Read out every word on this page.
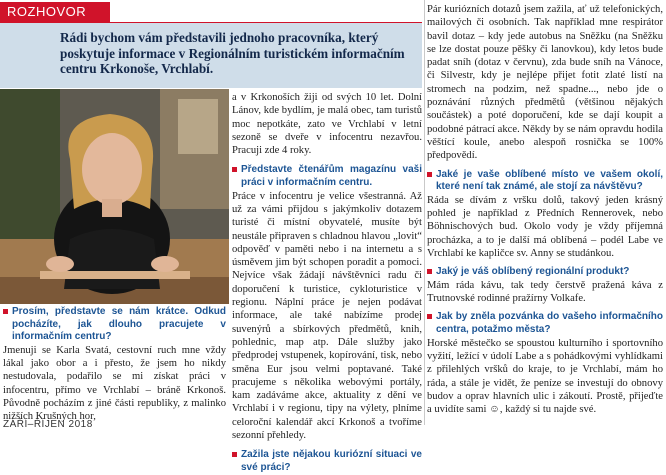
ROZHOVOR

Rádi bychom vám představili jednoho pracovníka, který poskytuje informace v Regionálním turistickém informačním centru Krkonoše, Vrchlabí.

Prosím, představte se nám krátce. Odkud pocházíte, jak dlouho pracujete v informačním centru?

Jmenuji se Karla Svatá, cestovní ruch mne vždy lákal jako obor a i přesto, že jsem ho nikdy nestudovala, podařilo se mi získat práci v infocentru, přímo ve Vrchlabí – bráně Krkonoš. Původně pocházím z jiné části republiky, z malinko nižších Krušných hor,

a v Krkonoších žiji od svých 10 let. Dolní Lánov, kde bydlím, je malá obec, tam turistů moc nepotkáte, zato ve Vrchlabí v letní sezoně se dveře v infocentru nezavřou. Pracuji zde 4 roky.

Představte čtenářům magazínu vaši práci v informačním centru.

Práce v infocentru je velice všestranná. Až už za vámi přijdou s jakýmkoliv dotazem turisté či místní obyvatelé, musíte být neustále připraven s chladnou hlavou „lovit“ odpověď v paměti nebo i na internetu a s úsměvem jim být schopen poradit a pomoci. Nejvíce však žádají návštěvníci radu či doporučení k turistice, cykloturistice v regionu. Náplní práce je nejen podávat informace, ale také nabízíme prodej suvenýrů a sbírkových předmětů, knih, pohlednic, map atp. Dále služby jako předprodej vstupenek, kopírování, tisk, nebo směna Eur jsou velmi poptavané. Také pracujeme s několika webovými portály, kam zadáváme akce, aktuality z dění ve Vrchlabí i v regionu, tipy na výlety, plníme celoroční kalendář akcí Krkonoš a tvoříme sezonní přehledy.

Zažila jste nějakou kuriózní situaci ve své práci?

Pár kuriózních dotazů jsem zažila, ať už telefonických, mailových či osobních. Tak například mne respirátor bavil dotaz – kdy jede autobus na Sněžku (na Sněžku se lze dostat pouze pěšky či lanovkou), kdy letos bude padat sníh (dotaz v červnu), zda bude sníh na Vánoce, či Silvestr, kdy je nejlépe přijet fotit zlaté listí na stromech na podzim, než spadne..., nebo jde o poznávání různých předmětů (většinou nějakých součástek) a poté doporučení, kde se dají koupit a podobné pátrací akce. Někdy by se nám opravdu hodila věštící koule, anebo alespoň rosnička se 100% předpovědí.

Jaké je vaše oblíbené místo ve vašem okolí, které není tak známé, ale stojí za návštěvu?

Ráda se dívám z vršku dolů, takový jeden krásný pohled je například z Předních Rennerovek, nebo Böhnischových bud. Okolo vody je vždy příjemná procházka, a to je další má oblíbená – podél Labe ve Vrchlabí ke kapličce sv. Anny se studánkou.

Jaký je váš oblíbený regionální produkt?

Mám ráda kávu, tak tedy čerstvě pražená káva z Trutnovské rodinné pražírny Volkafe.

Jak by zněla pozvánka do vašeho informačního centra, potažmo města?

Horské městečko se spoustou kulturního i sportovního vyžití, ležící v údolí Labe a s pohádkovými vyhlídkami z přilehlých vršků do kraje, to je Vrchlabí, mám ho ráda, a stále je vidět, že peníze se investují do obnovy budov a oprav hlavních ulic i zákoutí. Prostě, přijeďte a uvidíte sami ☺, každý si tu najde své.

ZÁŘÍ–ŘÍJEN 2018
